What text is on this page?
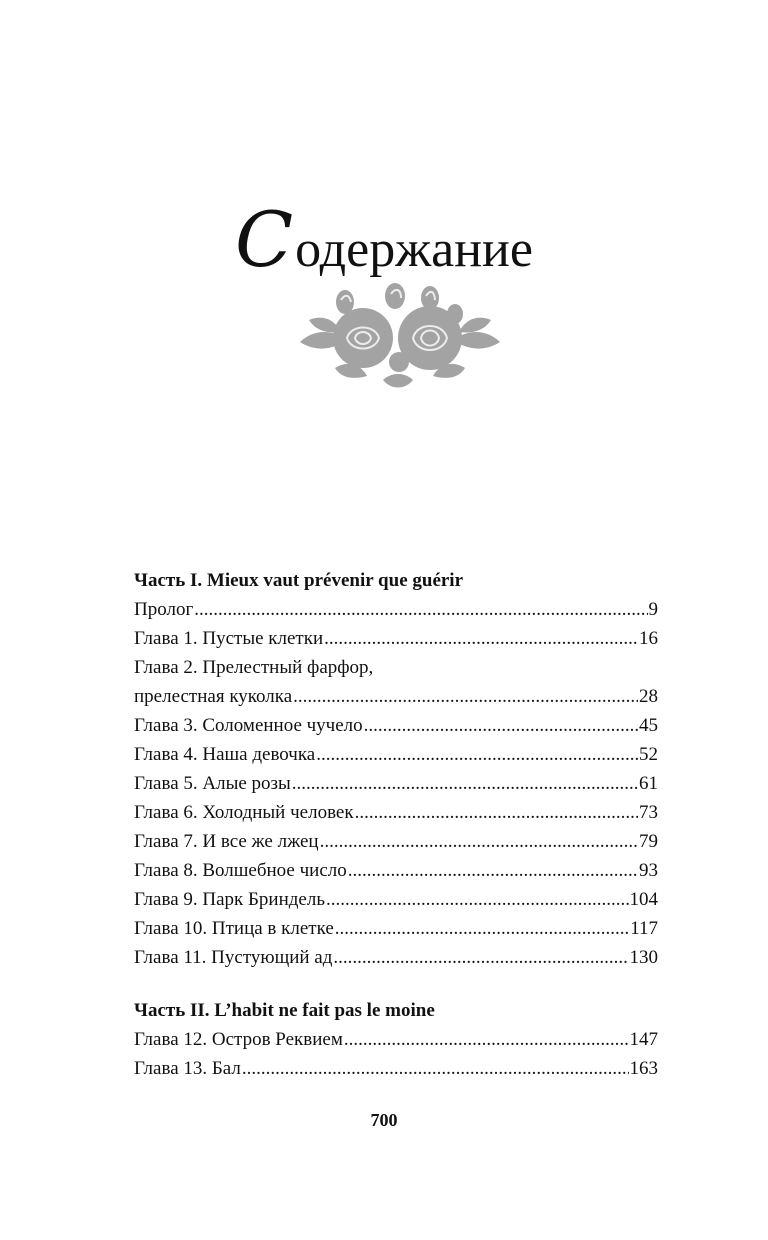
Содержание
Часть I. Mieux vaut prévenir que guérir
Пролог .....	9
Глава 1. Пустые клетки .....	16
Глава 2. Прелестный фарфор,
прелестная куколка .....	28
Глава 3. Соломенное чучело .....	45
Глава 4. Наша девочка .....	52
Глава 5. Алые розы .....	61
Глава 6. Холодный человек .....	73
Глава 7. И все же лжец .....	79
Глава 8. Волшебное число .....	93
Глава 9. Парк Бриндель .....	104
Глава 10. Птица в клетке .....	117
Глава 11. Пустующий ад .....	130
Часть II. L’habit ne fait pas le moine
Глава 12. Остров Реквием .....	147
Глава 13. Бал .....	163
700
